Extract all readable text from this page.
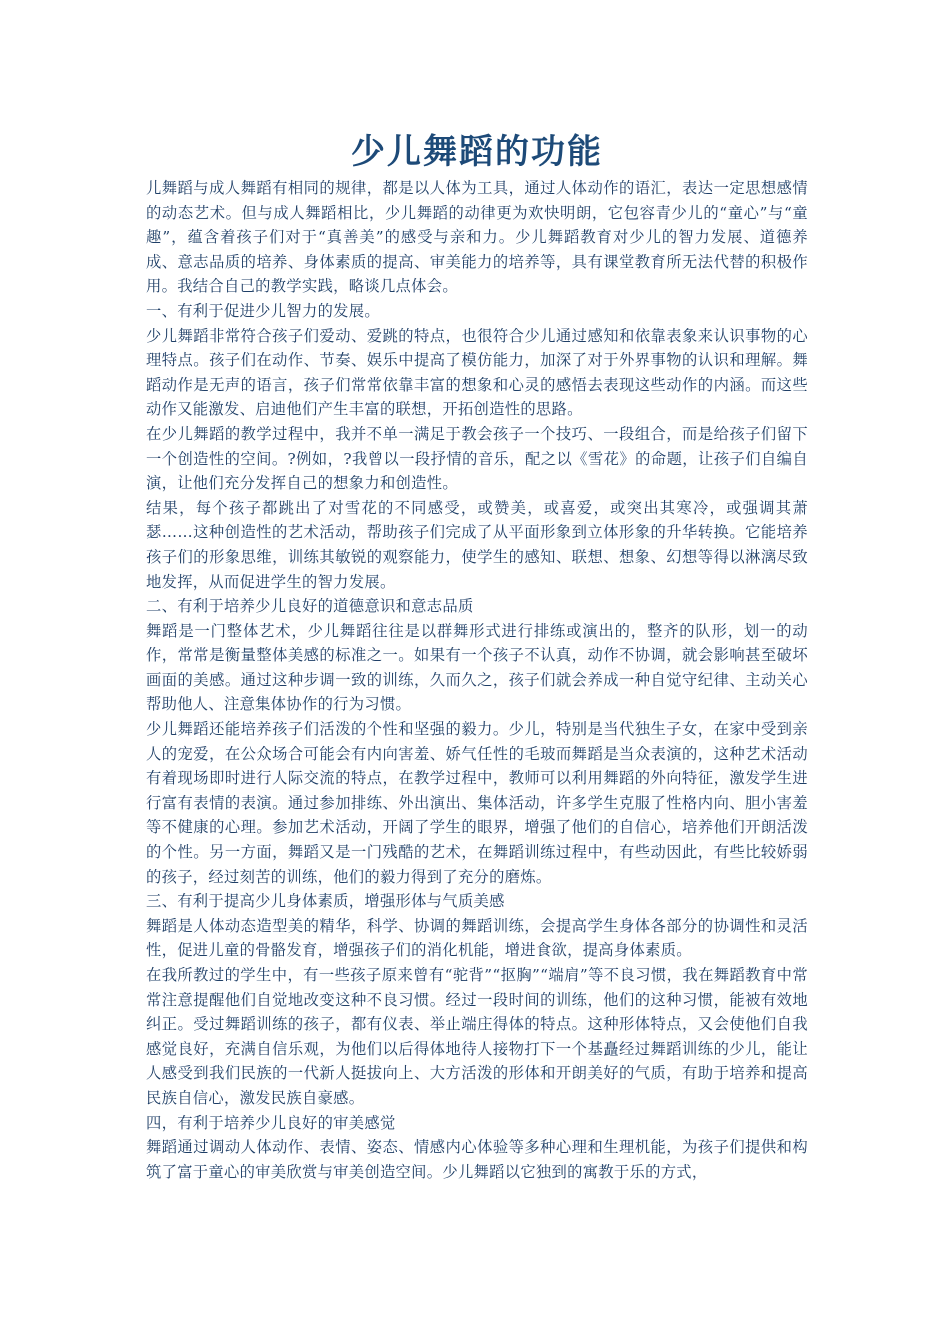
少儿舞蹈的功能

儿舞蹈与成人舞蹈有相同的规律，都是以人体为工具，通过人体动作的语汇，表达一定思想感情的动态艺术。但与成人舞蹈相比，少儿舞蹈的动律更为欢快明朗，它包容青少儿的“童心”与“童趣”，蕴含着孩子们对于“真善美”的感受与亲和力。少儿舞蹈教育对少儿的智力发展、道德养成、意志品质的培养、身体素质的提高、审美能力的培养等，具有课堂教育所无法代替的积极作用。我结合自己的教学实践，略谈几点体会。

一、有利于促进少儿智力的发展。

少儿舞蹈非常符合孩子们爱动、爱跳的特点，也很符合少儿通过感知和依靠表象来认识事物的心理特点。孩子们在动作、节奏、娱乐中提高了模仿能力，加深了对于外界事物的认识和理解。舞蹈动作是无声的语言，孩子们常常依靠丰富的想象和心灵的感悟去表现这些动作的内涵。而这些动作又能激发、启迪他们产生丰富的联想，开拓创造性的思路。

在少儿舞蹈的教学过程中，我并不单一满足于教会孩子一个技巧、一段组合，而是给孩子们留下一个创造性的空间。?例如，?我曾以一段抒情的音乐，配之以《雪花》的命题，让孩子们自编自演，让他们充分发挥自己的想象力和创造性。

结果，每个孩子都跳出了对雪花的不同感受，或赞美，或喜爱，或突出其寒冷，或强调其萧瑟……这种创造性的艺术活动，帮助孩子们完成了从平面形象到立体形象的升华转换。它能培养孩子们的形象思维，训练其敏锐的观察能力，使学生的感知、联想、想象、幻想等得以淋漓尽致地发挥，从而促进学生的智力发展。

二、有利于培养少儿良好的道德意识和意志品质

舞蹈是一门整体艺术，少儿舞蹈往往是以群舞形式进行排练或演出的，整齐的队形，划一的动作，常常是衡量整体美感的标准之一。如果有一个孩子不认真，动作不协调，就会影响甚至破坏画面的美感。通过这种步调一致的训练，久而久之，孩子们就会养成一种自觉守纪律、主动关心帮助他人、注意集体协作的行为习惯。

少儿舞蹈还能培养孩子们活泼的个性和坚强的毅力。少儿，特别是当代独生子女，在家中受到亲人的宠爱，在公众场合可能会有内向害羞、娇气任性的毛玻而舞蹈是当众表演的，这种艺术活动有着现场即时进行人际交流的特点，在教学过程中，教师可以利用舞蹈的外向特征，激发学生进行富有表情的表演。通过参加排练、外出演出、集体活动，许多学生克服了性格内向、胆小害羞等不健康的心理。参加艺术活动，开阔了学生的眼界，增强了他们的自信心，培养他们开朗活泼的个性。另一方面，舞蹈又是一门残酷的艺术，在舞蹈训练过程中，有些动因此，有些比较娇弱的孩子，经过刻苦的训练，他们的毅力得到了充分的磨炼。

三、有利于提高少儿身体素质，增强形体与气质美感

舞蹈是人体动态造型美的精华，科学、协调的舞蹈训练，会提高学生身体各部分的协调性和灵活性，促进儿童的骨骼发育，增强孩子们的消化机能，增进食欲，提高身体素质。

在我所教过的学生中，有一些孩子原来曾有“驼背”“抠胸”“端肩”等不良习惯，我在舞蹈教育中常常注意提醒他们自觉地改变这种不良习惯。经过一段时间的训练，他们的这种习惯，能被有效地纠正。受过舞蹈训练的孩子，都有仪表、举止端庄得体的特点。这种形体特点，又会使他们自我感觉良好，充满自信乐观，为他们以后得体地待人接物打下一个基矗经过舞蹈训练的少儿，能让人感受到我们民族的一代新人挺拔向上、大方活泼的形体和开朗美好的气质，有助于培养和提高民族自信心，激发民族自豪感。

四，有利于培养少儿良好的审美感觉

舞蹈通过调动人体动作、表情、姿态、情感内心体验等多种心理和生理机能，为孩子们提供和构筑了富于童心的审美欣赏与审美创造空间。少儿舞蹈以它独到的寓教于乐的方式，
